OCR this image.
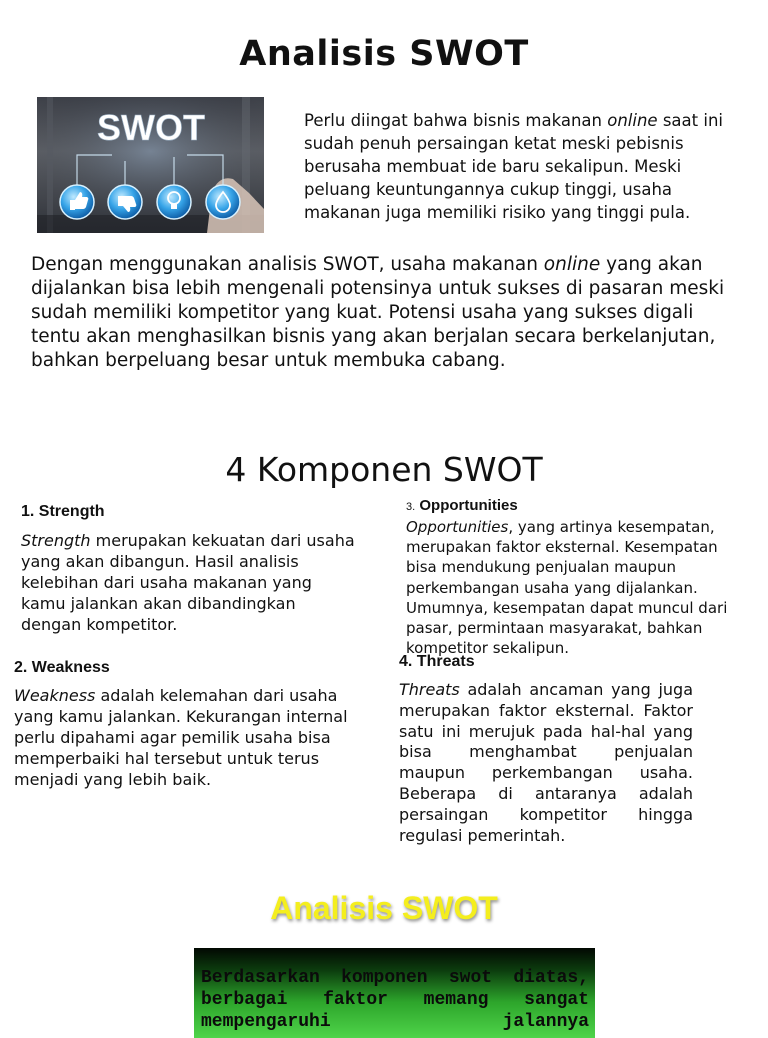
Analisis SWOT
SWOT	Perlu diingat bahwa bisnis makanan online saat ini sudah penuh persaingan ketat meski pebisnis berusaha membuat ide baru sekalipun. Meski peluang keuntungannya cukup tinggi, usaha makanan juga memiliki risiko yang tinggi pula.
Dengan menggunakan analisis SWOT, usaha makanan online yang akan dijalankan bisa lebih mengenali potensinya untuk sukses di pasaran meski sudah memiliki kompetitor yang kuat. Potensi usaha yang sukses digali tentu akan menghasilkan bisnis yang akan berjalan secara berkelanjutan, bahkan berpeluang besar untuk membuka cabang.
4 Komponen SWOT
1. Strength
Strength merupakan kekuatan dari usaha yang akan dibangun. Hasil analisis kelebihan dari usaha makanan yang kamu jalankan akan dibandingkan dengan kompetitor.
2. Weakness
Weakness adalah kelemahan dari usaha yang kamu jalankan. Kekurangan internal perlu dipahami agar pemilik usaha bisa memperbaiki hal tersebut untuk terus menjadi yang lebih baik.
3. Opportunities
Opportunities, yang artinya kesempatan, merupakan faktor eksternal. Kesempatan bisa mendukung penjualan maupun perkembangan usaha yang dijalankan. Umumnya, kesempatan dapat muncul dari pasar, permintaan masyarakat, bahkan kompetitor sekalipun.
4. Threats
Threats adalah ancaman yang juga merupakan faktor eksternal. Faktor satu ini merujuk pada hal-hal yang bisa menghambat penjualan maupun perkembangan usaha. Beberapa di antaranya adalah persaingan kompetitor hingga regulasi pemerintah.
Analisis SWOT
Berdasarkan komponen swot diatas, berbagai faktor memang sangat mempengaruhi jalannya
